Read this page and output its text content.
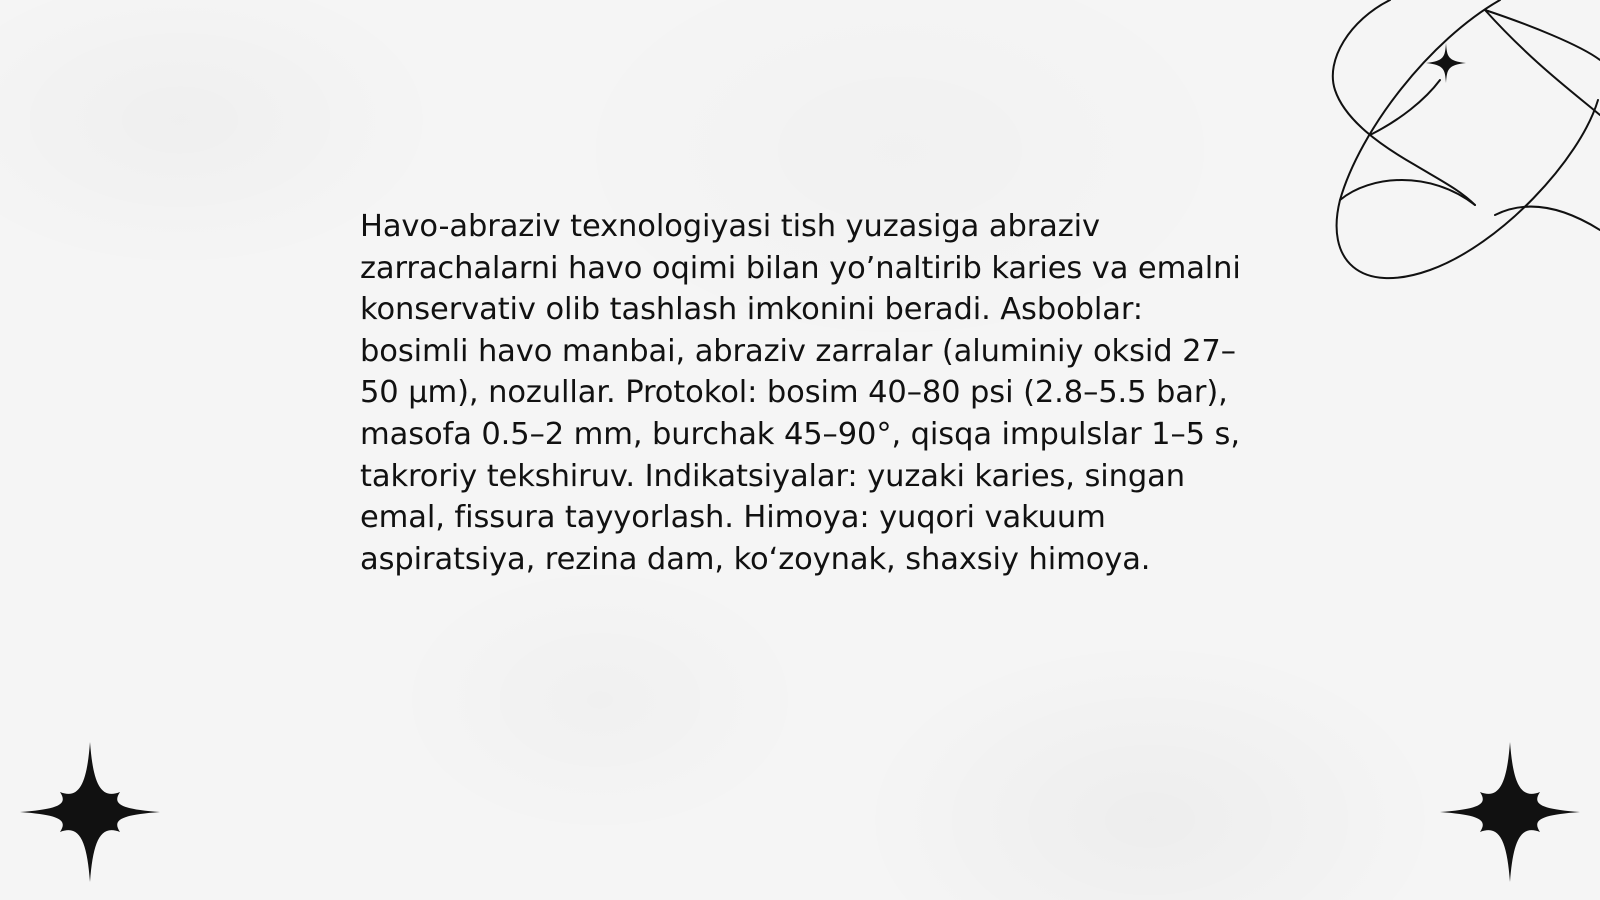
Havo-abraziv texnologiyasi tish yuzasiga abraziv zarrachalarni havo oqimi bilan yo’naltirib karies va emalni konservativ olib tashlash imkonini beradi. Asboblar: bosimli havo manbai, abraziv zarralar (aluminiy oksid 27–50 µm), nozullar. Protokol: bosim 40–80 psi (2.8–5.5 bar), masofa 0.5–2 mm, burchak 45–90°, qisqa impulslar 1–5 s, takroriy tekshiruv. Indikatsiyalar: yuzaki karies, singan emal, fissura tayyorlash. Himoya: yuqori vakuum aspiratsiya, rezina dam, ko‘zoynak, shaxsiy himoya.
